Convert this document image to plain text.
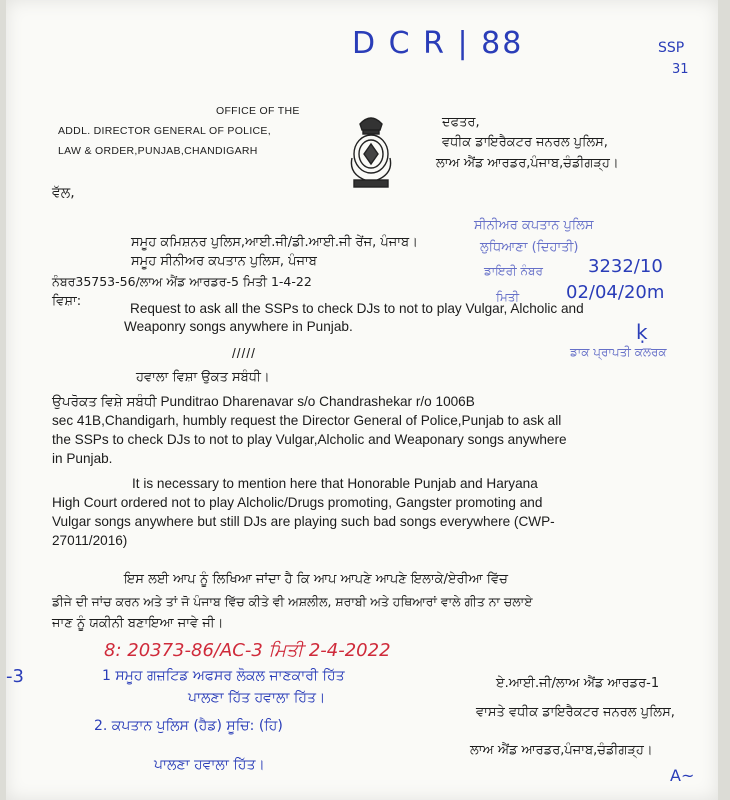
D C R | 88	SSP
31
OFFICE OF THE
ADDL. DIRECTOR GENERAL OF POLICE,
LAW & ORDER,PUNJAB,CHANDIGARH
ਦਫਤਰ,
ਵਧੀਕ ਡਾਇਰੈਕਟਰ ਜਨਰਲ ਪੁਲਿਸ,
ਲਾਅ ਐਂਡ ਆਰਡਰ,ਪੰਜਾਬ,ਚੰਡੀਗੜ੍ਹ।
ਵੱਲ,
ਸਮੂਹ ਕਮਿਸ਼ਨਰ ਪੁਲਿਸ,ਆਈ.ਜੀ/ਡੀ.ਆਈ.ਜੀ ਰੇਂਜ, ਪੰਜਾਬ।
ਸਮੂਹ ਸੀਨੀਅਰ ਕਪਤਾਨ ਪੁਲਿਸ, ਪੰਜਾਬ
ਨੰਬਰ35753-56/ਲਾਅ ਐਂਡ ਆਰਡਰ-5 ਮਿਤੀ 1-4-22
ਵਿਸ਼ਾ:	Request to ask all the SSPs to check DJs to not to play Vulgar, Alcholic and
Weaponry songs anywhere in Punjab.
/////
ਹਵਾਲਾ ਵਿਸ਼ਾ ਉਕਤ ਸਬੰਧੀ।
ਸੀਨੀਅਰ ਕਪਤਾਨ ਪੁਲਿਸ
ਲੁਧਿਆਣਾ (ਦਿਹਾਤੀ)
ਡਾਇਰੀ ਨੰਬਰ	3232/10
ਮਿਤੀ	02/04/20m
ਡਾਕ ਪ੍ਰਾਪਤੀ ਕਲਰਕ
ḳ
ਉਪਰੋਕਤ ਵਿਸ਼ੇ ਸਬੰਧੀ Punditrao Dharenavar s/o Chandrashekar r/o 1006B
sec 41B,Chandigarh, humbly request the Director General of Police,Punjab to ask all
the SSPs to check DJs to not to play Vulgar,Alcholic and Weaponary songs anywhere
in Punjab.
It is necessary to mention here that Honorable Punjab and Haryana
High Court ordered not to play Alcholic/Drugs promoting, Gangster promoting and
Vulgar songs anywhere but still DJs are playing such bad songs everywhere (CWP-
27011/2016)
ਇਸ ਲਈ ਆਪ ਨੂੰ ਲਿਖਿਆ ਜਾਂਦਾ ਹੈ ਕਿ ਆਪ ਆਪਣੇ ਆਪਣੇ ਇਲਾਕੇ/ਏਰੀਆ ਵਿੱਚ
ਡੀਜੇ ਦੀ ਜਾਂਚ ਕਰਨ ਅਤੇ ਤਾਂ ਜੋ ਪੰਜਾਬ ਵਿੱਚ ਕੀਤੇ ਵੀ ਅਸ਼ਲੀਲ, ਸ਼ਰਾਬੀ ਅਤੇ ਹਥਿਆਰਾਂ ਵਾਲੇ ਗੀਤ ਨਾ ਚਲਾਏ
ਜਾਣ ਨੂੰ ਯਕੀਨੀ ਬਣਾਇਆ ਜਾਵੇ ਜੀ।
8: 20373-86/AC-3 ਮਿਤੀ 2-4-2022
-3	1 ਸਮੂਹ ਗਜ਼ਟਿਡ ਅਫਸਰ ਲੋਕਲ ਜਾਣਕਾਰੀ ਹਿੱਤ
ਪਾਲਣਾ ਹਿੱਤ ਹਵਾਲਾ ਹਿੱਤ।
2. ਕਪਤਾਨ ਪੁਲਿਸ (ਹੈਡ) ਸੂਚਿ: (ਹਿ)
ਪਾਲਣਾ ਹਵਾਲਾ ਹਿੱਤ।
ਏ.ਆਈ.ਜੀ/ਲਾਅ ਐਂਡ ਆਰਡਰ-1
ਵਾਸਤੇ ਵਧੀਕ ਡਾਇਰੈਕਟਰ ਜਨਰਲ ਪੁਲਿਸ,
ਲਾਅ ਐਂਡ ਆਰਡਰ,ਪੰਜਾਬ,ਚੰਡੀਗੜ੍ਹ।
A~
